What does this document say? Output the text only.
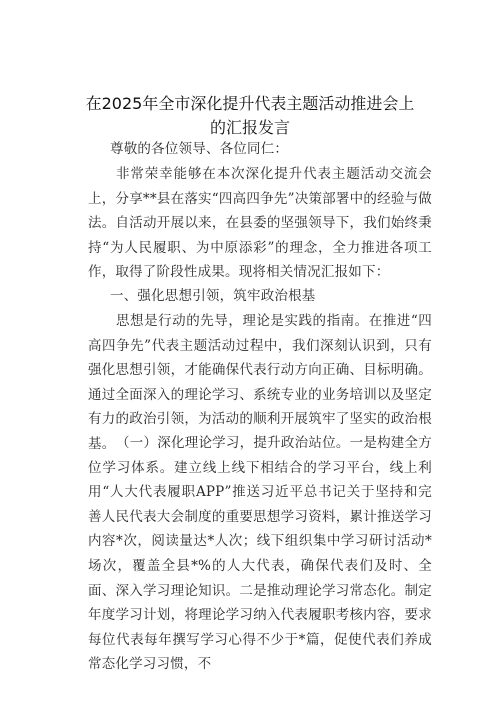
在2025年全市深化提升代表主题活动推进会上
的汇报发言
尊敬的各位领导、各位同仁：
非常荣幸能够在本次深化提升代表主题活动交流会上，分享**县在落实“四高四争先”决策部署中的经验与做法。自活动开展以来，在县委的坚强领导下，我们始终秉持“为人民履职、为中原添彩”的理念，全力推进各项工作，取得了阶段性成果。现将相关情况汇报如下：
一、强化思想引领，筑牢政治根基
思想是行动的先导，理论是实践的指南。在推进“四高四争先”代表主题活动过程中，我们深刻认识到，只有强化思想引领，才能确保代表行动方向正确、目标明确。通过全面深入的理论学习、系统专业的业务培训以及坚定有力的政治引领，为活动的顺利开展筑牢了坚实的政治根基。 （一）深化理论学习，提升政治站位。一是构建全方位学习体系。建立线上线下相结合的学习平台，线上利用“人大代表履职APP”推送习近平总书记关于坚持和完善人民代表大会制度的重要思想学习资料，累计推送学习内容*次，阅读量达*人次；线下组织集中学习研讨活动*场次，覆盖全县*%的人大代表，确保代表们及时、全面、深入学习理论知识。二是推动理论学习常态化。制定年度学习计划，将理论学习纳入代表履职考核内容，要求每位代表每年撰写学习心得不少于*篇，促使代表们养成常态化学习习惯，不
